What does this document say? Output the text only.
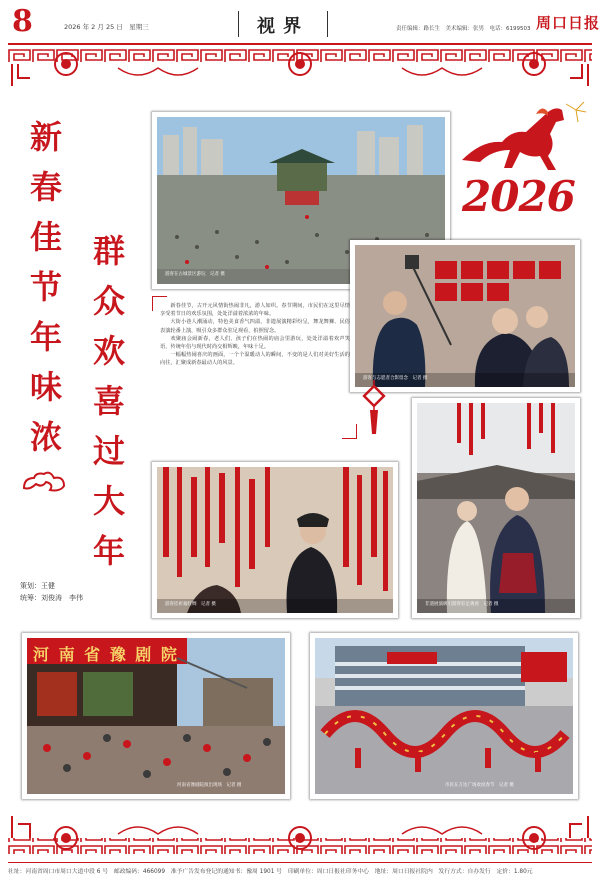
8	2026 年 2 月 25 日　星期三	视界	责任编辑：路长生　美术编辑：张男　电话：6199503 周口日报
新春佳节年味浓
群众欢喜过大年
策划：王健
统筹：刘俊涛　李伟
2026
游客在古城景区游玩　记者 摄
游客与志愿者合影留念　记者 摄

新春佳节，古开元风情街热闹非凡，游人如织。春节期间，市民们在这里尽情享受着节日的欢乐氛围，处处洋溢着浓浓的年味。

大街小巷人潮涌动，特色美食香气四溢，非遗展演精彩纷呈，舞龙舞狮、民俗表演轮番上演，吸引众多群众驻足观看，拍照留念。

欢聚庙会闹新春，老人们、孩子们在热闹的庙会里游玩，处处洋溢着欢声笑语，传统年俗与现代时尚交相辉映，年味十足。

一幅幅热闹喜庆的画面，一个个温暖动人的瞬间，不变的是人们对美好生活的向往，汇聚成新春最动人的风景。

游客挂祈福红绸　记者 摄	非遗展演吸引游客驻足观看　记者 摄
河 南 省 豫 剧 院
河南省豫剧院演出现场　记者 摄	市民在万达广场欢度春节　记者 摄
社址：河南省周口市周口大道中段 6 号　邮政编码：466099　准予广告发布登记的通知书：豫周 1901 号　印刷单位：周口日报社印务中心　地址：周口日报社院内　发行方式：自办发行　定价：1.80元
